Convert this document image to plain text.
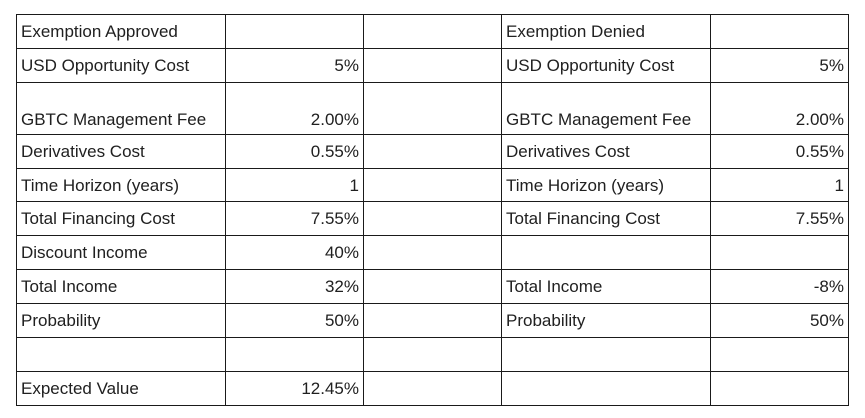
Exemption Approved			Exemption Denied	
USD Opportunity Cost	5%		USD Opportunity Cost	5%
GBTC Management Fee	2.00%		GBTC Management Fee	2.00%
Derivatives Cost	0.55%		Derivatives Cost	0.55%
Time Horizon (years)	1		Time Horizon (years)	1
Total Financing Cost	7.55%		Total Financing Cost	7.55%
Discount Income	40%			
Total Income	32%		Total Income	-8%
Probability	50%		Probability	50%

Expected Value	12.45%			
